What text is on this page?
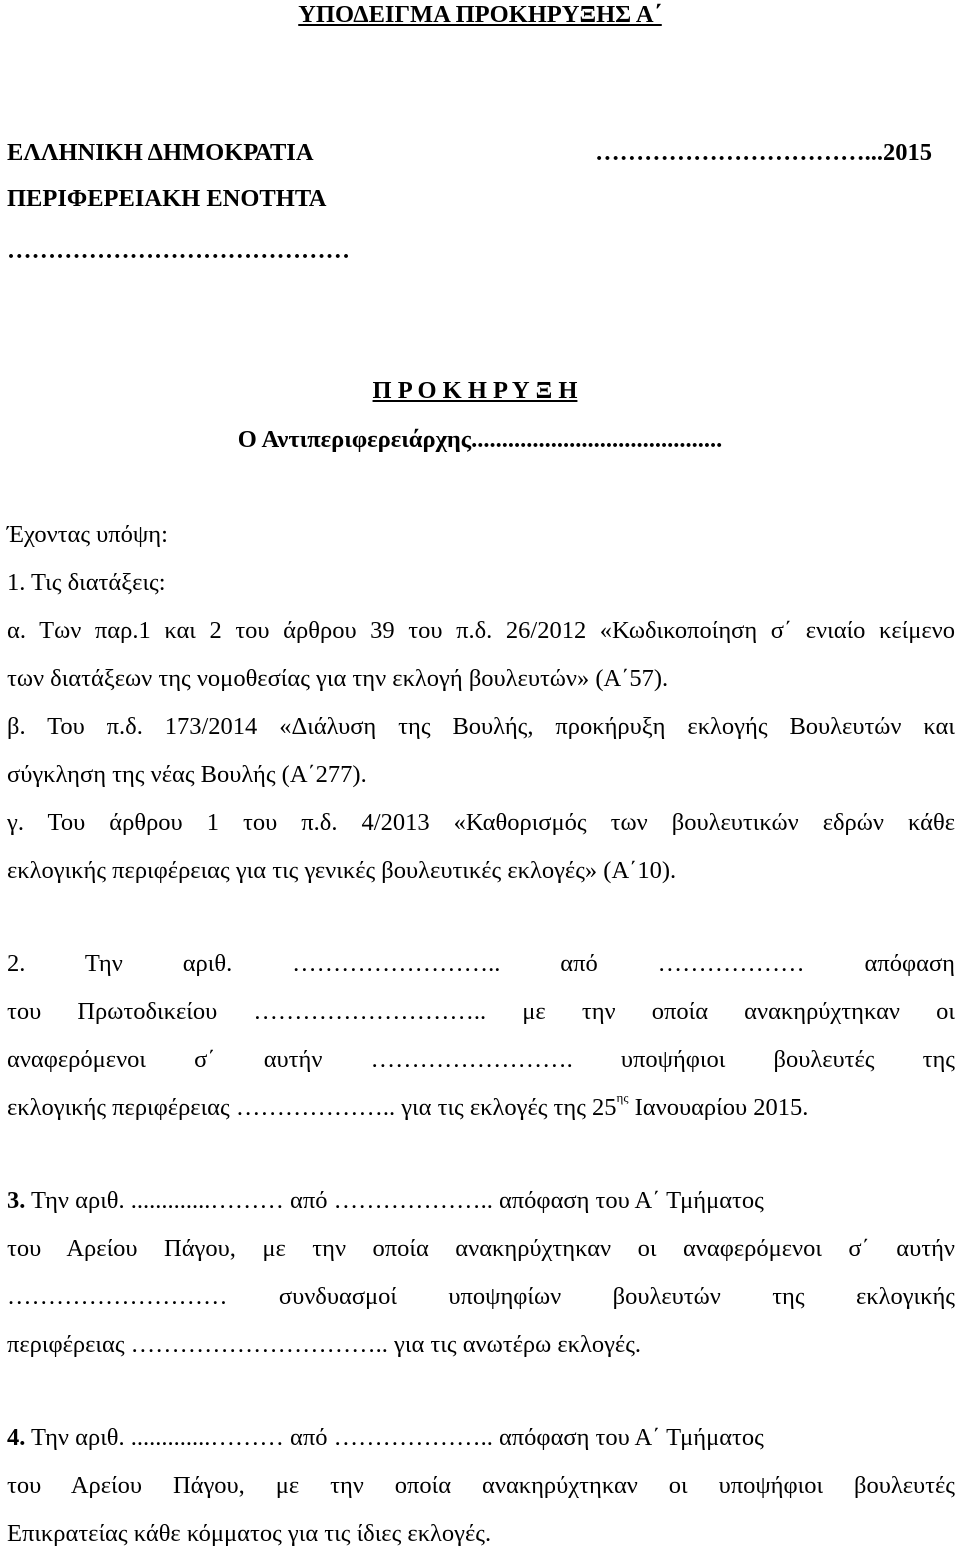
ΥΠΟΔΕΙΓΜΑ ΠΡΟΚΗΡΥΞΗΣ Α΄
ΕΛΛΗΝΙΚΗ ΔΗΜΟΚΡΑΤΙΑ	……………………………...2015
ΠΕΡΙΦΕΡΕΙΑΚΗ ΕΝΟΤΗΤΑ
……………………………………
Π Ρ Ο Κ Η Ρ Υ Ξ Η
Ο Αντιπεριφερειάρχης.........................................
Έχοντας υπόψη:
1. Τις διατάξεις:
α. Των παρ.1 και 2 του άρθρου 39 του π.δ. 26/2012 «Κωδικοποίηση σ΄ ενιαίο κείμενο
των διατάξεων της νομοθεσίας για την εκλογή βουλευτών» (Α΄57).
β. Του π.δ. 173/2014 «Διάλυση της Βουλής, προκήρυξη εκλογής Βουλευτών και
σύγκληση της νέας Βουλής (Α΄277).
γ. Του άρθρου 1 του π.δ. 4/2013 «Καθορισμός των βουλευτικών εδρών κάθε
εκλογικής περιφέρειας για τις γενικές βουλευτικές εκλογές» (Α΄10).
2. Την αριθ. …………………….. από ……………… απόφαση
του Πρωτοδικείου ……………………….. με την οποία ανακηρύχτηκαν οι
αναφερόμενοι σ΄ αυτήν ……………………. υποψήφιοι βουλευτές της
εκλογικής περιφέρειας ……………….. για τις εκλογές της $25^{\eta\varsigma}$ Ιανουαρίου 2015.
3. Την αριθ. .............……… από ……………….. απόφαση του Α΄ Τμήματος
του Αρείου Πάγου, με την οποία ανακηρύχτηκαν οι αναφερόμενοι σ΄ αυτήν
……………………… συνδυασμοί υποψηφίων βουλευτών της εκλογικής
περιφέρειας ………………………….. για τις ανωτέρω εκλογές.
4. Την αριθ. .............……… από ……………….. απόφαση του Α΄ Τμήματος
του Αρείου Πάγου, με την οποία ανακηρύχτηκαν οι υποψήφιοι βουλευτές
Επικρατείας κάθε κόμματος για τις ίδιες εκλογές.
